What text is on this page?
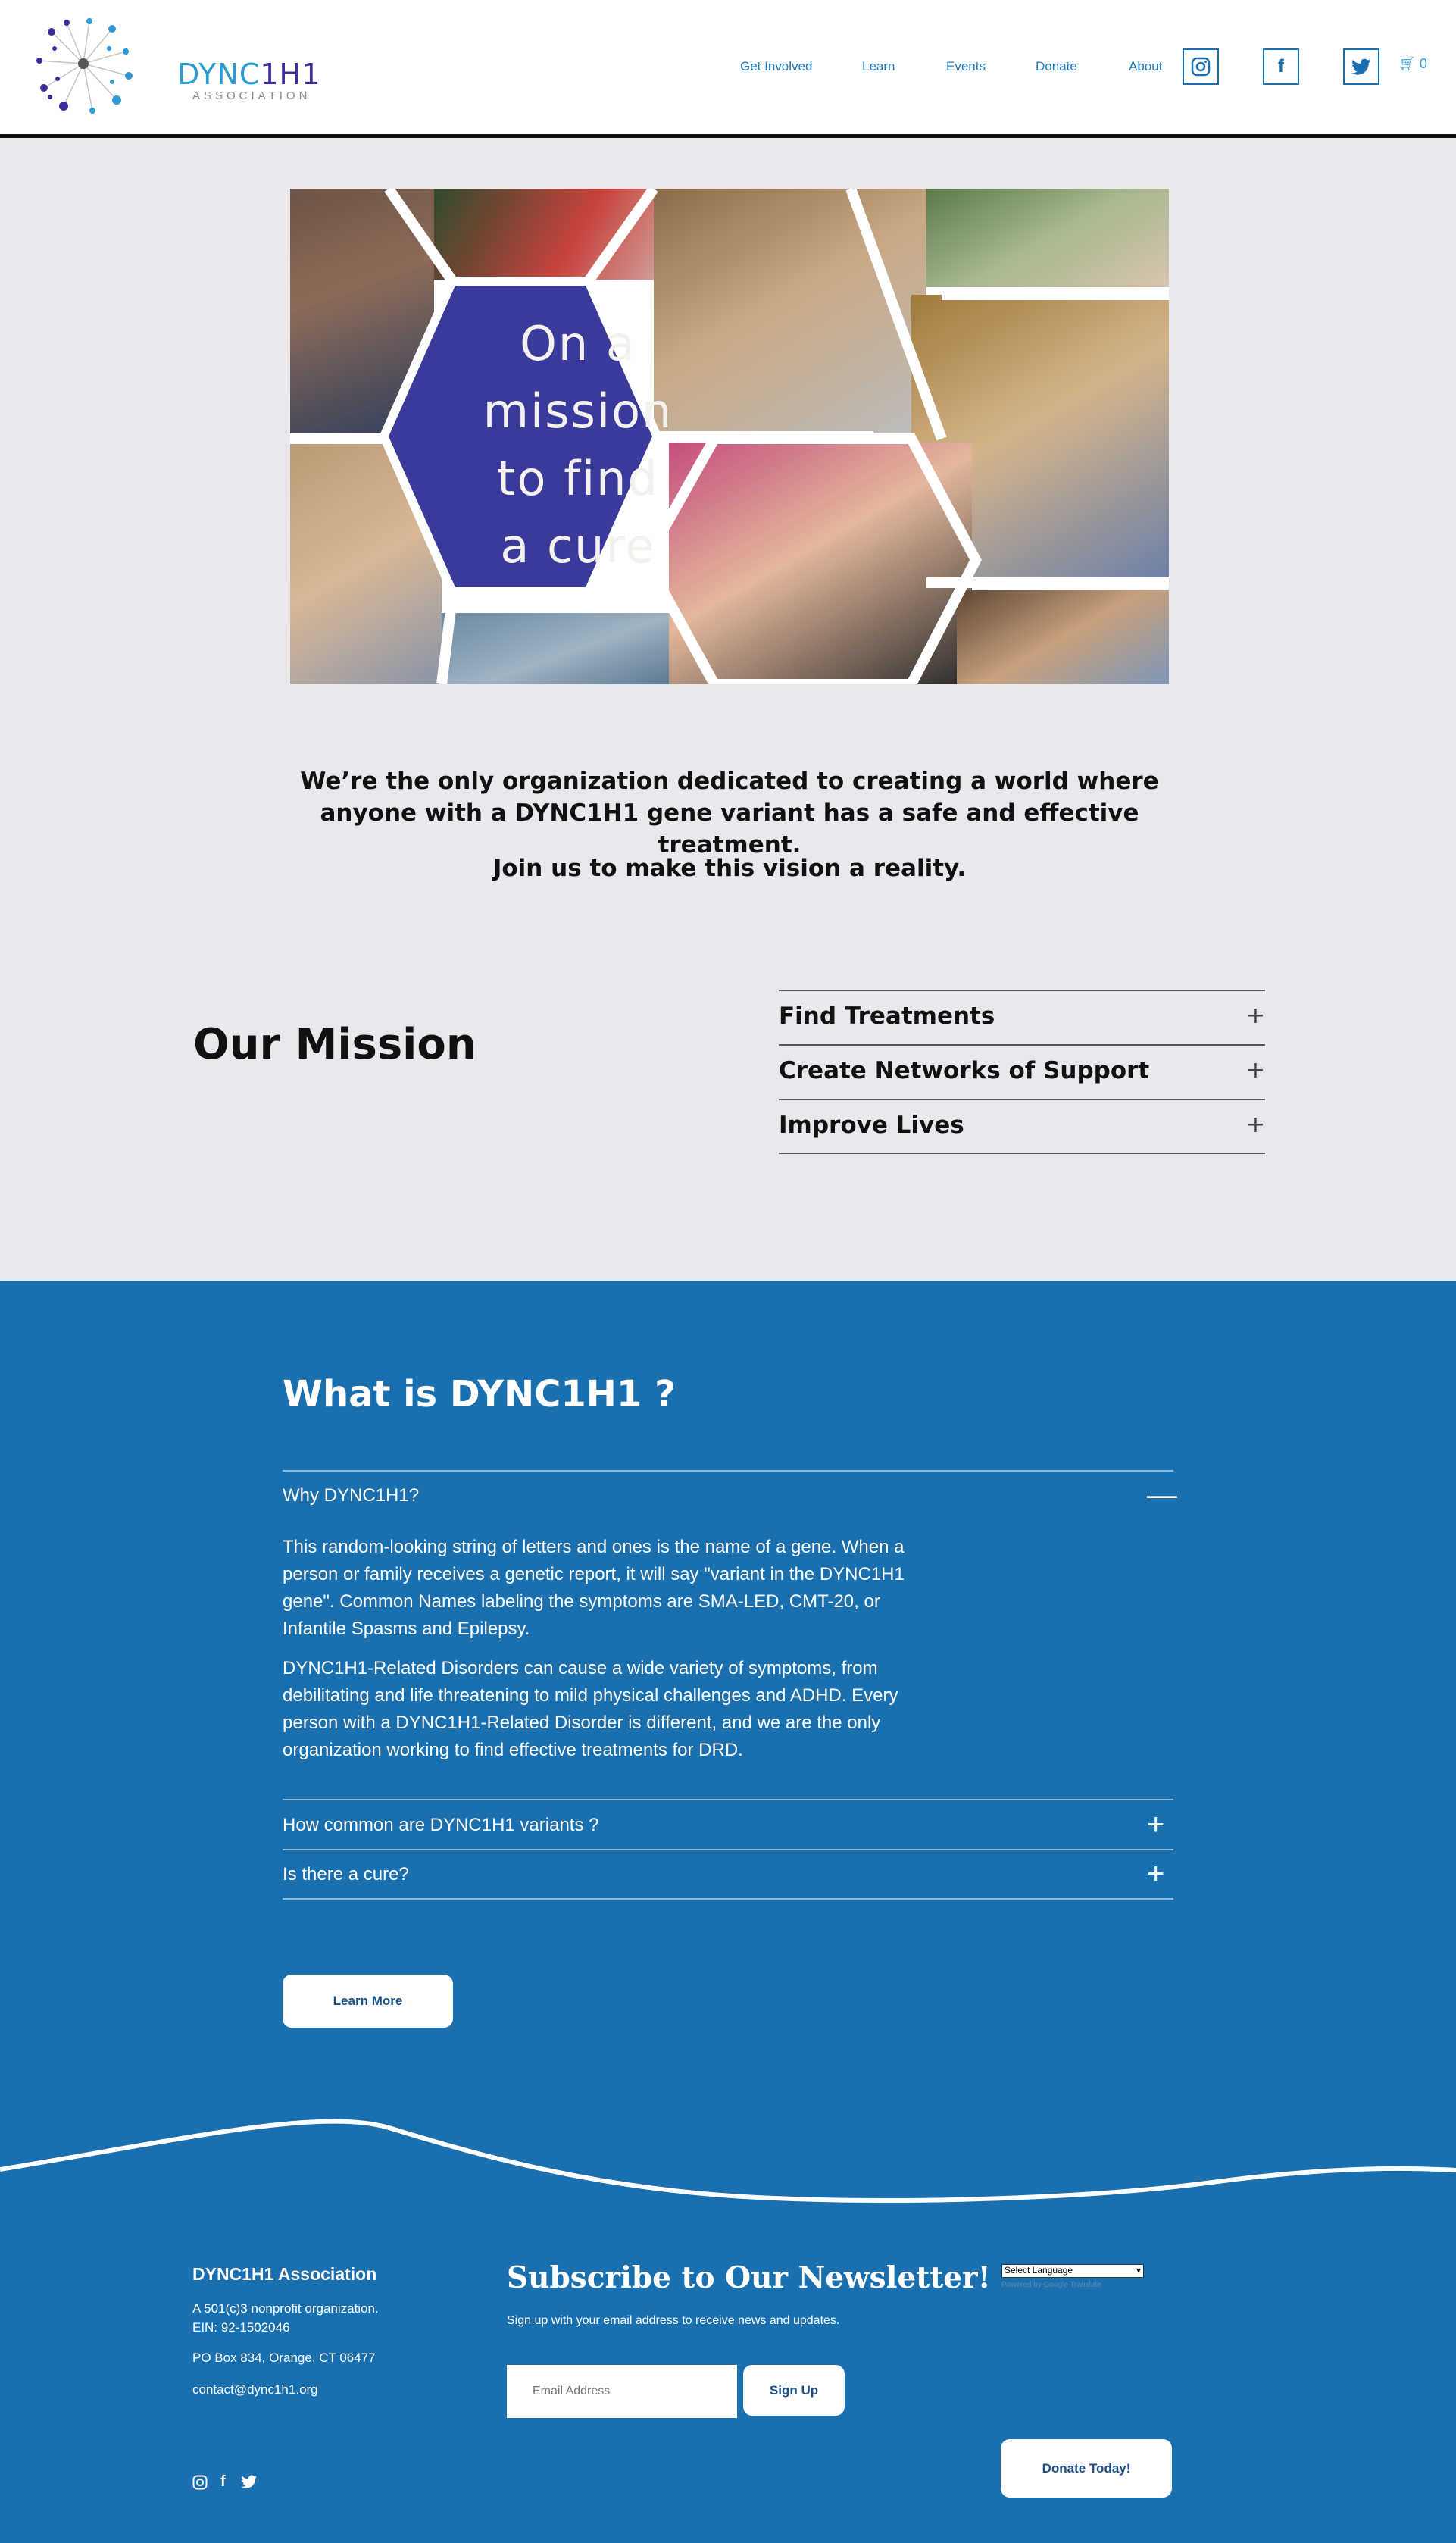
DYNC1H1
ASSOCIATION
Get Involved	Learn	Events	Donate	About	f	🛒︎ 0
On a
mission
to find
a cure
We’re the only organization dedicated to creating a world where anyone with a DYNC1H1 gene variant has a safe and effective treatment.
Join us to make this vision a reality.
Our Mission
Find Treatments	+
Create Networks of Support	+
Improve Lives	+
What is DYNC1H1 ?
Why DYNC1H1?	—
This random-looking string of letters and ones is the name of a gene. When a person or family receives a genetic report, it will say "variant in the DYNC1H1 gene". Common Names labeling the symptoms are SMA-LED, CMT-20, or Infantile Spasms and Epilepsy.
DYNC1H1-Related Disorders can cause a wide variety of symptoms, from debilitating and life threatening to mild physical challenges and ADHD. Every person with a DYNC1H1-Related Disorder is different, and we are the only organization working to find effective treatments for DRD.
How common are DYNC1H1 variants ?	+
Is there a cure?	+
Learn More
DYNC1H1 Association
A 501(c)3 nonprofit organization.
EIN: 92-1502046
PO Box 834, Orange, CT 06477
contact@dync1h1.org
Subscribe to Our Newsletter!
Sign up with your email address to receive news and updates.
Email Address
Sign Up
Select Language	▾
Powered by Google Translate
Donate Today!
f
